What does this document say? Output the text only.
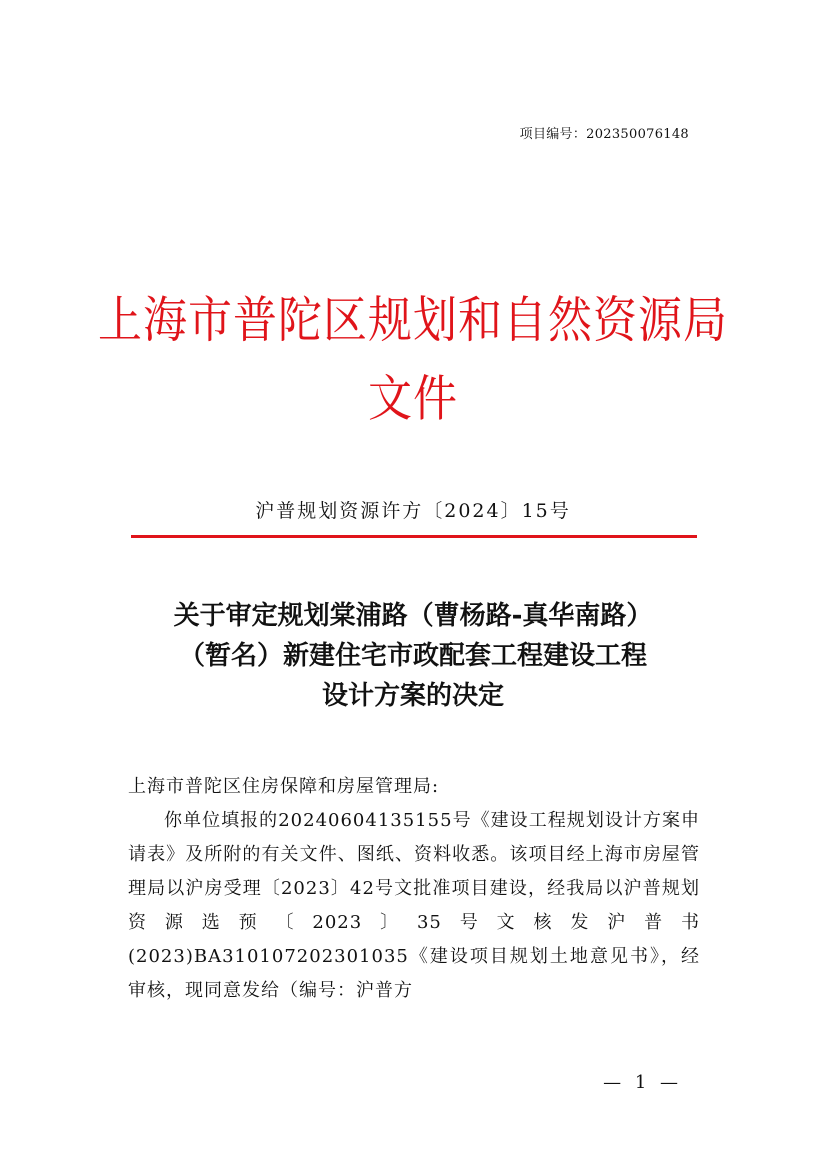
项目编号：202350076148
上海市普陀区规划和自然资源局
文件
沪普规划资源许方〔2024〕15号
关于审定规划棠浦路（曹杨路-真华南路）
（暂名）新建住宅市政配套工程建设工程
设计方案的决定

上海市普陀区住房保障和房屋管理局:

你单位填报的20240604135155号《建设工程规划设计方案申请表》及所附的有关文件、图纸、资料收悉。该项目经上海市房屋管理局以沪房受理〔2023〕42号文批准项目建设，经我局以沪普规划资源选预〔2023〕35号文核发沪普书(2023)BA310107202301035《建设项目规划土地意见书》，经审核，现同意发给（编号：沪普方

— 1 —
